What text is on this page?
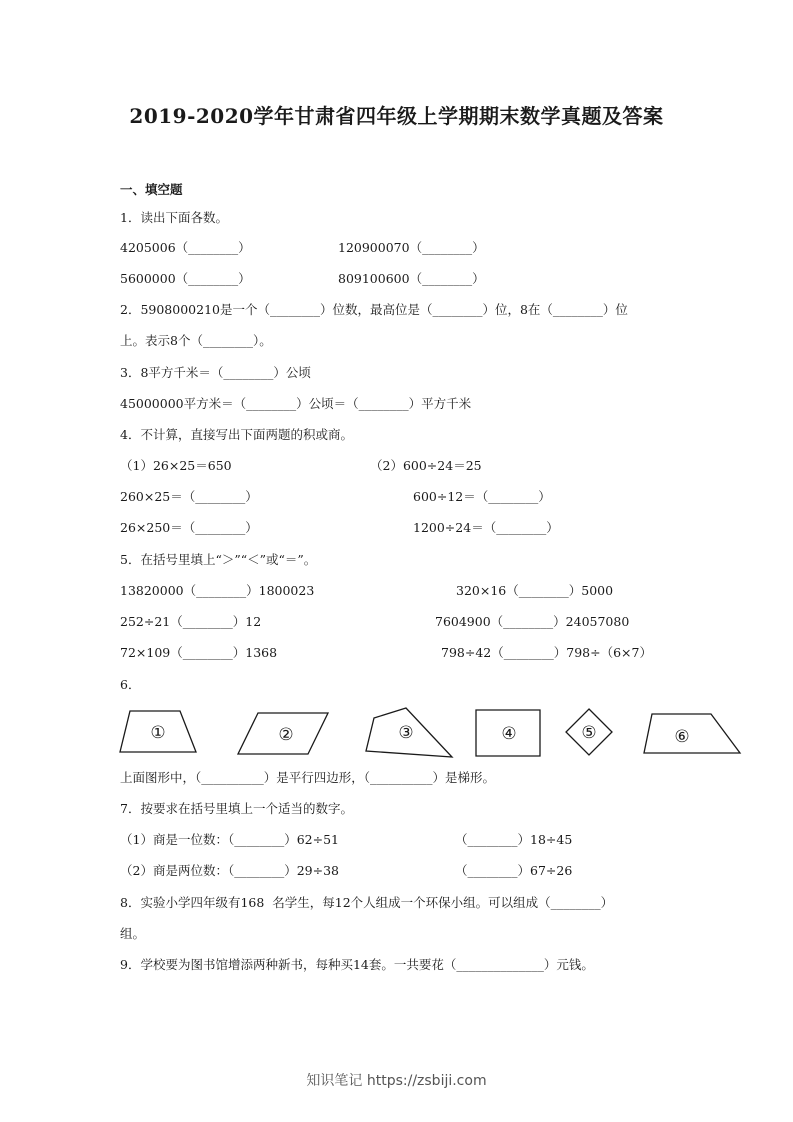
2019-2020学年甘肃省四年级上学期期末数学真题及答案
一、填空题
1．读出下面各数。
4205006（________）	120900070（________）
5600000（________）	809100600（________）
2．5908000210是一个（________）位数，最高位是（________）位，8在（________）位
上。表示8个（________）。
3．8平方千米＝（________）公顷
45000000平方米＝（________）公顷＝（________）平方千米
4．不计算，直接写出下面两题的积或商。
（1）26×25＝650	（2）600÷24＝25
260×25＝（________）	600÷12＝（________）
26×250＝（________）	1200÷24＝（________）
5．在括号里填上“＞”“＜”或“＝”。
13820000（________）1800023	320×16（________）5000
252÷21（________）12	7604900（________）24057080
72×109（________）1368	798÷42（________）798÷（6×7）
6．
①	②	③	④	⑤	⑥
上面图形中，（__________）是平行四边形，（__________）是梯形。
7．按要求在括号里填上一个适当的数字。
（1）商是一位数：（________）62÷51	（________）18÷45
（2）商是两位数：（________）29÷38	（________）67÷26
8．实验小学四年级有168  名学生，每12个人组成一个环保小组。可以组成（________）
组。
9．学校要为图书馆增添两种新书，每种买14套。一共要花（______________）元钱。
知识笔记 https://zsbiji.com
